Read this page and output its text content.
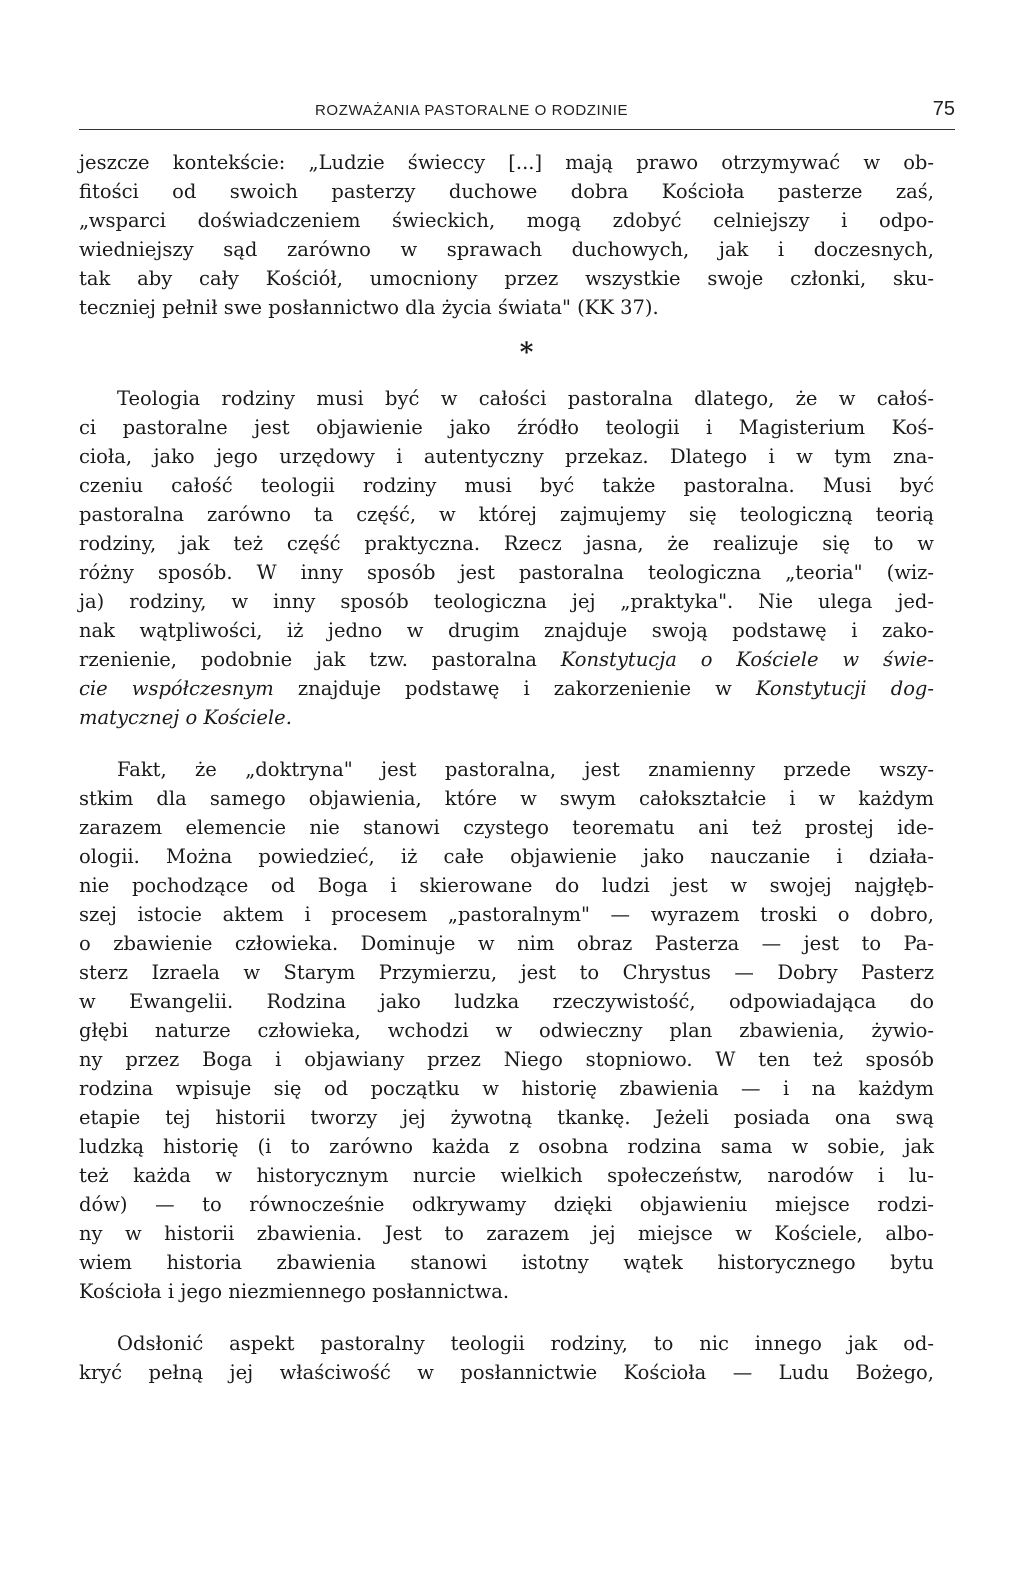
ROZWAŻANIA PASTORALNE O RODZINIE	75
jeszcze kontekście: „Ludzie świeccy [...] mają prawo otrzymywać w ob-
fitości od swoich pasterzy duchowe dobra Kościoła pasterze zaś,
„wsparci doświadczeniem świeckich, mogą zdobyć celniejszy i odpo-
wiedniejszy sąd zarówno w sprawach duchowych, jak i doczesnych,
tak aby cały Kościół, umocniony przez wszystkie swoje członki, sku-
teczniej pełnił swe posłannictwo dla życia świata" (KK 37).
*
Teologia rodziny musi być w całości pastoralna dlatego, że w całoś-
ci pastoralne jest objawienie jako źródło teologii i Magisterium Koś-
cioła, jako jego urzędowy i autentyczny przekaz. Dlatego i w tym zna-
czeniu całość teologii rodziny musi być także pastoralna. Musi być
pastoralna zarówno ta część, w której zajmujemy się teologiczną teorią
rodziny, jak też część praktyczna. Rzecz jasna, że realizuje się to w
różny sposób. W inny sposób jest pastoralna teologiczna „teoria" (wiz-
ja) rodziny, w inny sposób teologiczna jej „praktyka". Nie ulega jed-
nak wątpliwości, iż jedno w drugim znajduje swoją podstawę i zako-
rzenienie, podobnie jak tzw. pastoralna Konstytucja o Kościele w świe-
cie współczesnym znajduje podstawę i zakorzenienie w Konstytucji dog-
matycznej o Kościele.
Fakt, że „doktryna" jest pastoralna, jest znamienny przede wszy-
stkim dla samego objawienia, które w swym całokształcie i w każdym
zarazem elemencie nie stanowi czystego teorematu ani też prostej ide-
ologii. Można powiedzieć, iż całe objawienie jako nauczanie i działa-
nie pochodzące od Boga i skierowane do ludzi jest w swojej najgłęb-
szej istocie aktem i procesem „pastoralnym" — wyrazem troski o dobro,
o zbawienie człowieka. Dominuje w nim obraz Pasterza — jest to Pa-
sterz Izraela w Starym Przymierzu, jest to Chrystus — Dobry Pasterz
w Ewangelii. Rodzina jako ludzka rzeczywistość, odpowiadająca do
głębi naturze człowieka, wchodzi w odwieczny plan zbawienia, żywio-
ny przez Boga i objawiany przez Niego stopniowo. W ten też sposób
rodzina wpisuje się od początku w historię zbawienia — i na każdym
etapie tej historii tworzy jej żywotną tkankę. Jeżeli posiada ona swą
ludzką historię (i to zarówno każda z osobna rodzina sama w sobie, jak
też każda w historycznym nurcie wielkich społeczeństw, narodów i lu-
dów) — to równocześnie odkrywamy dzięki objawieniu miejsce rodzi-
ny w historii zbawienia. Jest to zarazem jej miejsce w Kościele, albo-
wiem historia zbawienia stanowi istotny wątek historycznego bytu
Kościoła i jego niezmiennego posłannictwa.
Odsłonić aspekt pastoralny teologii rodziny, to nic innego jak od-
kryć pełną jej właściwość w posłannictwie Kościoła — Ludu Bożego,
